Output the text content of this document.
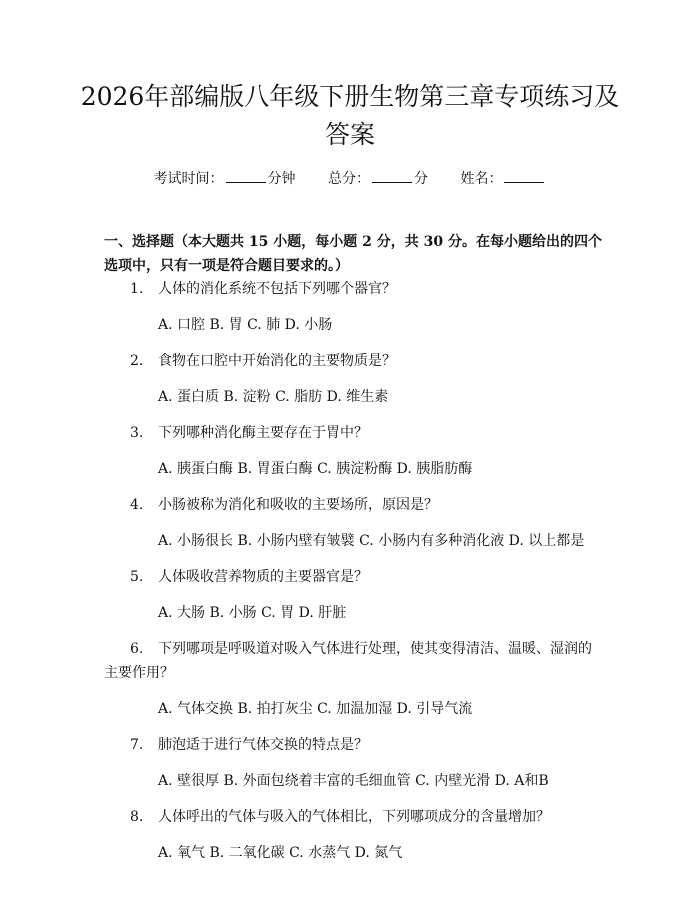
2026年部编版八年级下册生物第三章专项练习及答案
考试时间：	分钟 总分：	分 姓名：

一、选择题（本大题共 15 小题，每小题 2 分，共 30 分。在每小题给出的四个选项中，只有一项是符合题目要求的。）

1. 人体的消化系统不包括下列哪个器官？
A. 口腔 B. 胃 C. 肺 D. 小肠
2. 食物在口腔中开始消化的主要物质是？
A. 蛋白质 B. 淀粉 C. 脂肪 D. 维生素
3. 下列哪种消化酶主要存在于胃中？
A. 胰蛋白酶 B. 胃蛋白酶 C. 胰淀粉酶 D. 胰脂肪酶
4. 小肠被称为消化和吸收的主要场所，原因是？
A. 小肠很长 B. 小肠内壁有皱襞 C. 小肠内有多种消化液 D. 以上都是
5. 人体吸收营养物质的主要器官是？
A. 大肠 B. 小肠 C. 胃 D. 肝脏
6. 下列哪项是呼吸道对吸入气体进行处理，使其变得清洁、温暖、湿润的主要作用？
A. 气体交换 B. 拍打灰尘 C. 加温加湿 D. 引导气流
7. 肺泡适于进行气体交换的特点是？
A. 壁很厚 B. 外面包绕着丰富的毛细血管 C. 内壁光滑 D. A和B
8. 人体呼出的气体与吸入的气体相比，下列哪项成分的含量增加？
A. 氧气 B. 二氧化碳 C. 水蒸气 D. 氮气
